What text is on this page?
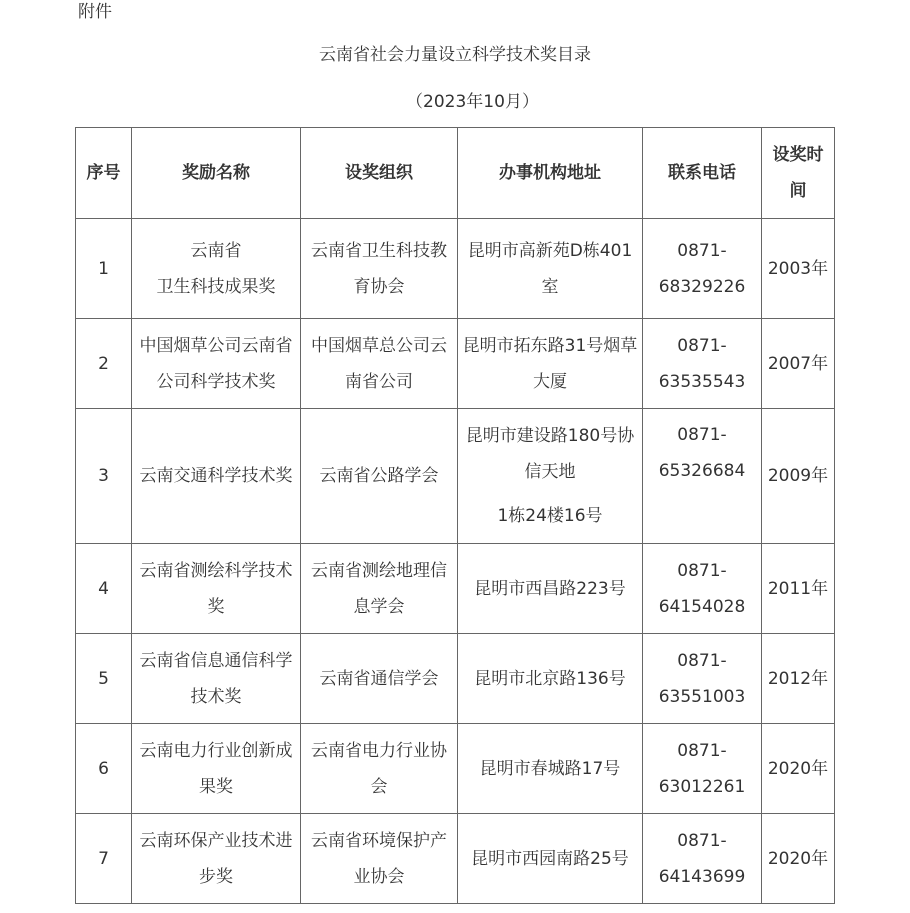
附件
云南省社会力量设立科学技术奖目录
（2023年10月）
序号	奖励名称	设奖组织	办事机构地址	联系电话	设奖时
间

1	云南省
卫生科技成果奖	云南省卫生科技教
育协会	昆明市高新苑D栋401
室	0871-
68329226	2003年
2	中国烟草公司云南省
公司科学技术奖	中国烟草总公司云
南省公司	昆明市拓东路31号烟草
大厦	0871-
63535543	2007年
3	云南交通科学技术奖	云南省公路学会	昆明市建设路180号协
信天地
1栋24楼16号	0871-
65326684	2009年
4	云南省测绘科学技术
奖	云南省测绘地理信
息学会	昆明市西昌路223号	0871-
64154028	2011年
5	云南省信息通信科学
技术奖	云南省通信学会	昆明市北京路136号	0871-
63551003	2012年
6	云南电力行业创新成
果奖	云南省电力行业协
会	昆明市春城路17号	0871-
63012261	2020年
7	云南环保产业技术进
步奖	云南省环境保护产
业协会	昆明市西园南路25号	0871-
64143699	2020年
